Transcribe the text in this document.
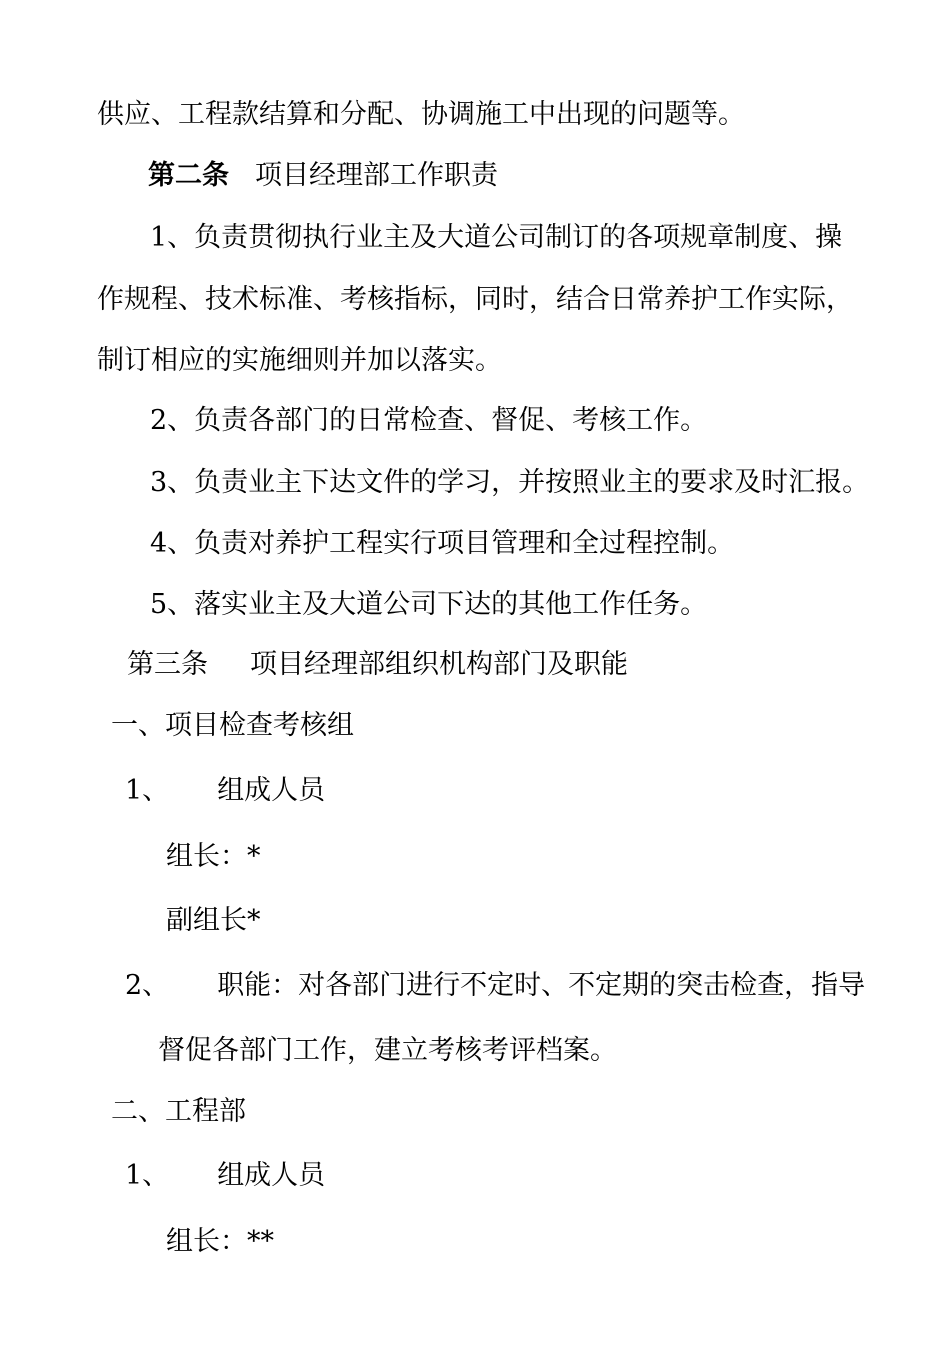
供应、工程款结算和分配、协调施工中出现的问题等。
第二条 项目经理部工作职责
1、负责贯彻执行业主及大道公司制订的各项规章制度、操
作规程、技术标准、考核指标，同时，结合日常养护工作实际，
制订相应的实施细则并加以落实。
2、负责各部门的日常检查、督促、考核工作。
3、负责业主下达文件的学习，并按照业主的要求及时汇报。
4、负责对养护工程实行项目管理和全过程控制。
5、落实业主及大道公司下达的其他工作任务。
第三条 项目经理部组织机构部门及职能
一、项目检查考核组
1、 组成人员
组长：*
副组长*
2、 职能：对各部门进行不定时、不定期的突击检查，指导
督促各部门工作，建立考核考评档案。
二、工程部
1、 组成人员
组长：**
